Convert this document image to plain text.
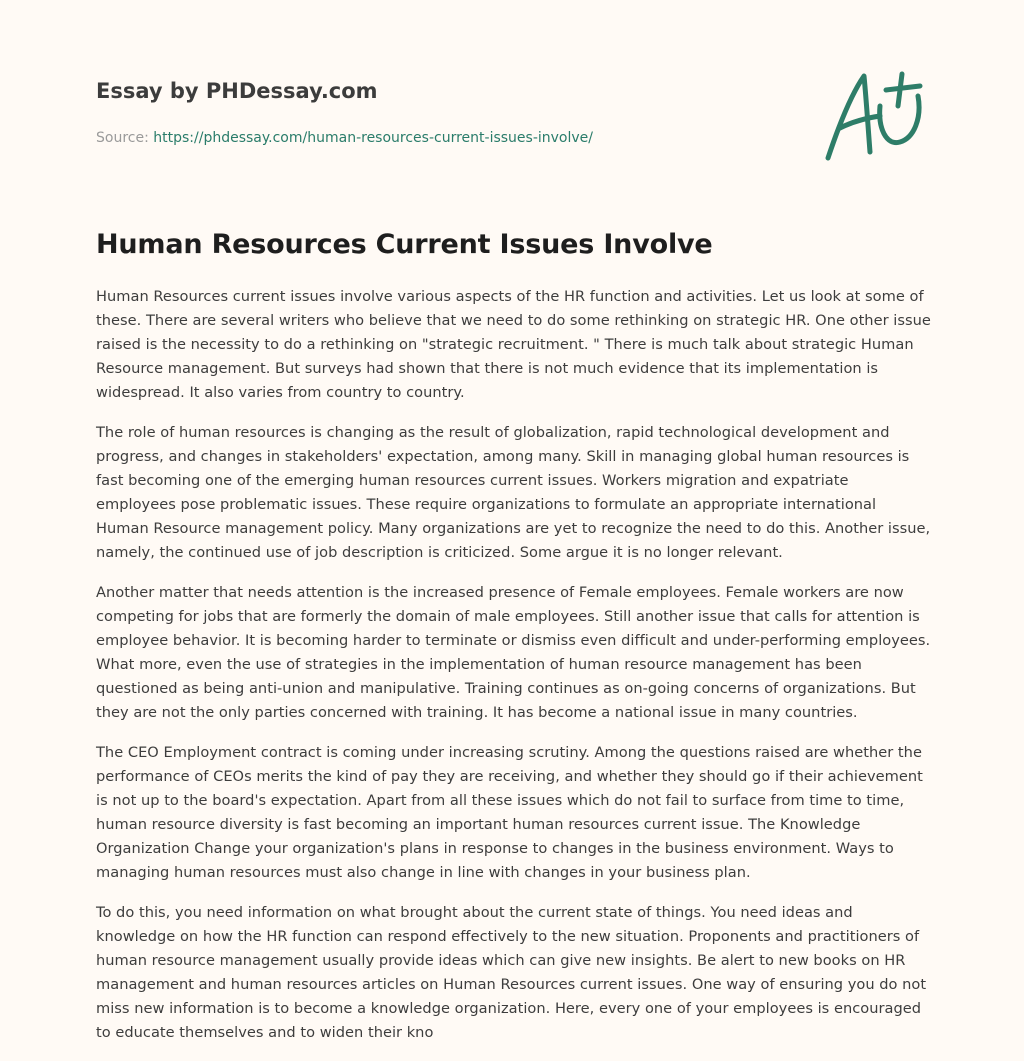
Essay by PHDessay.com
Source: https://phdessay.com/human-resources-current-issues-involve/
Human Resources Current Issues Involve

Human Resources current issues involve various aspects of the HR function and activities. Let us look at some of these. There are several writers who believe that we need to do some rethinking on strategic HR. One other issue raised is the necessity to do a rethinking on "strategic recruitment. " There is much talk about strategic Human Resource management. But surveys had shown that there is not much evidence that its implementation is widespread. It also varies from country to country.

The role of human resources is changing as the result of globalization, rapid technological development and progress, and changes in stakeholders' expectation, among many. Skill in managing global human resources is fast becoming one of the emerging human resources current issues. Workers migration and expatriate employees pose problematic issues. These require organizations to formulate an appropriate international Human Resource management policy. Many organizations are yet to recognize the need to do this. Another issue, namely, the continued use of job description is criticized. Some argue it is no longer relevant.

Another matter that needs attention is the increased presence of Female employees. Female workers are now competing for jobs that are formerly the domain of male employees. Still another issue that calls for attention is employee behavior. It is becoming harder to terminate or dismiss even difficult and under-performing employees. What more, even the use of strategies in the implementation of human resource management has been questioned as being anti-union and manipulative. Training continues as on-going concerns of organizations. But they are not the only parties concerned with training. It has become a national issue in many countries.

The CEO Employment contract is coming under increasing scrutiny. Among the questions raised are whether the performance of CEOs merits the kind of pay they are receiving, and whether they should go if their achievement is not up to the board's expectation. Apart from all these issues which do not fail to surface from time to time, human resource diversity is fast becoming an important human resources current issue. The Knowledge Organization Change your organization's plans in response to changes in the business environment. Ways to managing human resources must also change in line with changes in your business plan.

To do this, you need information on what brought about the current state of things. You need ideas and knowledge on how the HR function can respond effectively to the new situation. Proponents and practitioners of human resource management usually provide ideas which can give new insights. Be alert to new books on HR management and human resources articles on Human Resources current issues. One way of ensuring you do not miss new information is to become a knowledge organization. Here, every one of your employees is encouraged to educate themselves and to widen their kno
